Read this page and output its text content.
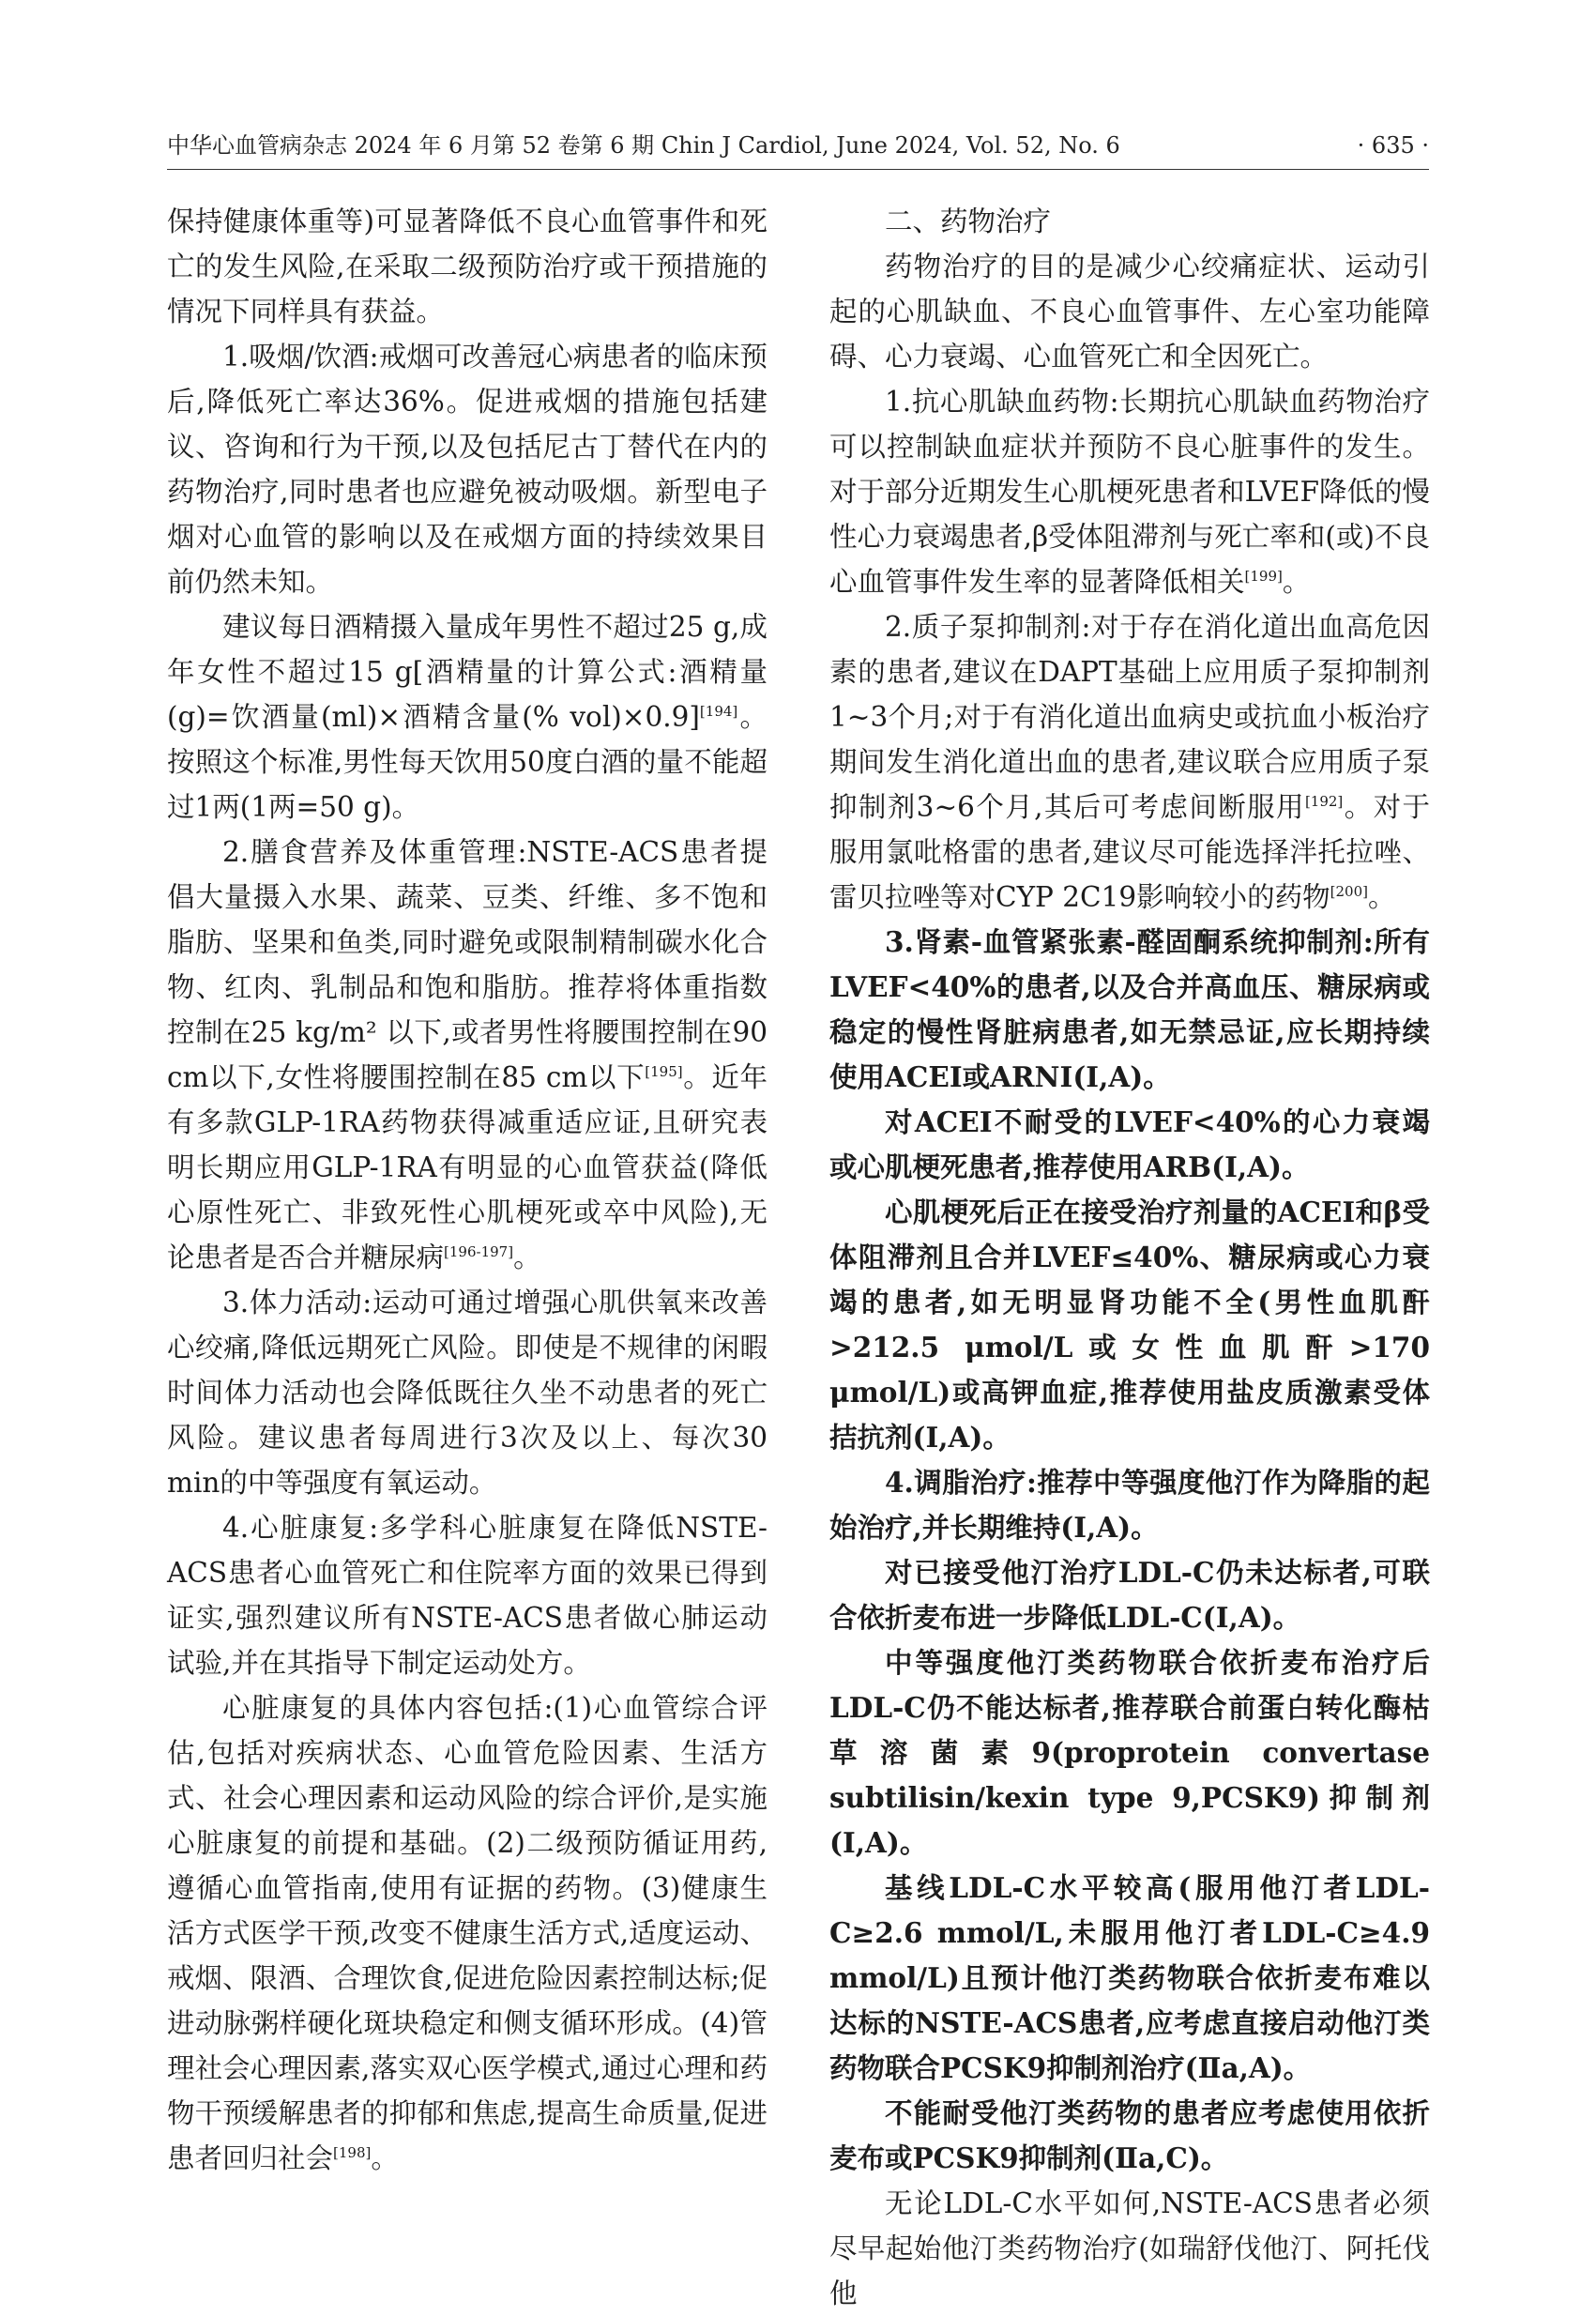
中华心血管病杂志 2024 年 6 月第 52 卷第 6 期 Chin J Cardiol, June 2024, Vol. 52, No. 6	· 635 ·

保持健康体重等)可显著降低不良心血管事件和死亡的发生风险,在采取二级预防治疗或干预措施的情况下同样具有获益。

1.吸烟/饮酒:戒烟可改善冠心病患者的临床预后,降低死亡率达36%。促进戒烟的措施包括建议、咨询和行为干预,以及包括尼古丁替代在内的药物治疗,同时患者也应避免被动吸烟。新型电子烟对心血管的影响以及在戒烟方面的持续效果目前仍然未知。

建议每日酒精摄入量成年男性不超过25 g,成年女性不超过15 g[酒精量的计算公式:酒精量(g)=饮酒量(ml)×酒精含量(% vol)×0.9][194]。按照这个标准,男性每天饮用50度白酒的量不能超过1两(1两=50 g)。

2.膳食营养及体重管理:NSTE-ACS患者提倡大量摄入水果、蔬菜、豆类、纤维、多不饱和脂肪、坚果和鱼类,同时避免或限制精制碳水化合物、红肉、乳制品和饱和脂肪。推荐将体重指数控制在25 kg/m² 以下,或者男性将腰围控制在90 cm以下,女性将腰围控制在85 cm以下[195]。近年有多款GLP-1RA药物获得减重适应证,且研究表明长期应用GLP-1RA有明显的心血管获益(降低心原性死亡、非致死性心肌梗死或卒中风险),无论患者是否合并糖尿病[196-197]。

3.体力活动:运动可通过增强心肌供氧来改善心绞痛,降低远期死亡风险。即使是不规律的闲暇时间体力活动也会降低既往久坐不动患者的死亡风险。建议患者每周进行3次及以上、每次30 min的中等强度有氧运动。

4.心脏康复:多学科心脏康复在降低NSTE-ACS患者心血管死亡和住院率方面的效果已得到证实,强烈建议所有NSTE-ACS患者做心肺运动试验,并在其指导下制定运动处方。

心脏康复的具体内容包括:(1)心血管综合评估,包括对疾病状态、心血管危险因素、生活方式、社会心理因素和运动风险的综合评价,是实施心脏康复的前提和基础。(2)二级预防循证用药,遵循心血管指南,使用有证据的药物。(3)健康生活方式医学干预,改变不健康生活方式,适度运动、戒烟、限酒、合理饮食,促进危险因素控制达标;促进动脉粥样硬化斑块稳定和侧支循环形成。(4)管理社会心理因素,落实双心医学模式,通过心理和药物干预缓解患者的抑郁和焦虑,提高生命质量,促进患者回归社会[198]。

二、药物治疗

药物治疗的目的是减少心绞痛症状、运动引起的心肌缺血、不良心血管事件、左心室功能障碍、心力衰竭、心血管死亡和全因死亡。

1.抗心肌缺血药物:长期抗心肌缺血药物治疗可以控制缺血症状并预防不良心脏事件的发生。对于部分近期发生心肌梗死患者和LVEF降低的慢性心力衰竭患者,β受体阻滞剂与死亡率和(或)不良心血管事件发生率的显著降低相关[199]。

2.质子泵抑制剂:对于存在消化道出血高危因素的患者,建议在DAPT基础上应用质子泵抑制剂1~3个月;对于有消化道出血病史或抗血小板治疗期间发生消化道出血的患者,建议联合应用质子泵抑制剂3~6个月,其后可考虑间断服用[192]。对于服用氯吡格雷的患者,建议尽可能选择泮托拉唑、雷贝拉唑等对CYP 2C19影响较小的药物[200]。

3.肾素-血管紧张素-醛固酮系统抑制剂:所有LVEF<40%的患者,以及合并高血压、糖尿病或稳定的慢性肾脏病患者,如无禁忌证,应长期持续使用ACEI或ARNI(Ⅰ,A)。

对ACEI不耐受的LVEF<40%的心力衰竭或心肌梗死患者,推荐使用ARB(Ⅰ,A)。

心肌梗死后正在接受治疗剂量的ACEI和β受体阻滞剂且合并LVEF≤40%、糖尿病或心力衰竭的患者,如无明显肾功能不全(男性血肌酐>212.5 μmol/L或女性血肌酐>170 μmol/L)或高钾血症,推荐使用盐皮质激素受体拮抗剂(Ⅰ,A)。

4.调脂治疗:推荐中等强度他汀作为降脂的起始治疗,并长期维持(Ⅰ,A)。

对已接受他汀治疗LDL-C仍未达标者,可联合依折麦布进一步降低LDL-C(Ⅰ,A)。

中等强度他汀类药物联合依折麦布治疗后LDL-C仍不能达标者,推荐联合前蛋白转化酶枯草溶菌素9(proprotein convertase subtilisin/kexin type 9,PCSK9)抑制剂(Ⅰ,A)。

基线LDL-C水平较高(服用他汀者LDL-C≥2.6 mmol/L,未服用他汀者LDL-C≥4.9 mmol/L)且预计他汀类药物联合依折麦布难以达标的NSTE-ACS患者,应考虑直接启动他汀类药物联合PCSK9抑制剂治疗(Ⅱa,A)。

不能耐受他汀类药物的患者应考虑使用依折麦布或PCSK9抑制剂(Ⅱa,C)。

无论LDL-C水平如何,NSTE-ACS患者必须尽早起始他汀类药物治疗(如瑞舒伐他汀、阿托伐他
